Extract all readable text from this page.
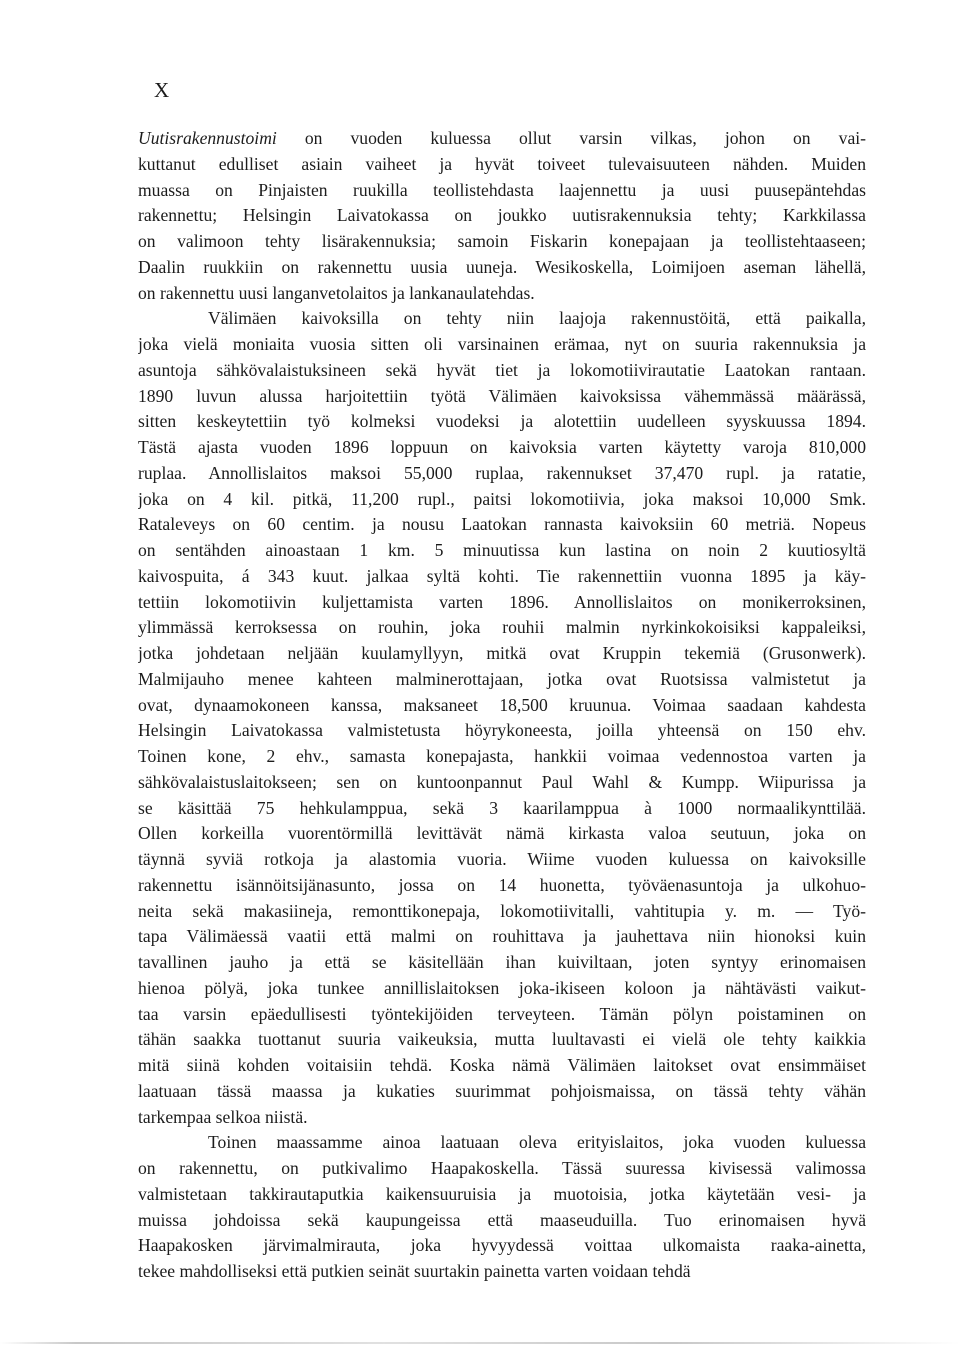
X
Uutisrakennustoimi on vuoden kuluessa ollut varsin vilkas, johon on vai-
kuttanut edulliset asiain vaiheet ja hyvät toiveet tulevaisuuteen nähden. Muiden
muassa on Pinjaisten ruukilla teollistehdasta laajennettu ja uusi puusepäntehdas
rakennettu; Helsingin Laivatokassa on joukko uutisrakennuksia tehty; Karkkilassa
on valimoon tehty lisärakennuksia; samoin Fiskarin konepajaan ja teollistehtaaseen;
Daalin ruukkiin on rakennettu uusia uuneja. Wesikoskella, Loimijoen aseman lähellä,
on rakennettu uusi langanvetolaitos ja lankanaulatehdas.
Välimäen kaivoksilla on tehty niin laajoja rakennustöitä, että paikalla,
joka vielä moniaita vuosia sitten oli varsinainen erämaa, nyt on suuria rakennuksia ja
asuntoja sähkövalaistuksineen sekä hyvät tiet ja lokomotiivirautatie Laatokan rantaan.
1890 luvun alussa harjoitettiin työtä Välimäen kaivoksissa vähemmässä määrässä,
sitten keskeytettiin työ kolmeksi vuodeksi ja alotettiin uudelleen syyskuussa 1894.
Tästä ajasta vuoden 1896 loppuun on kaivoksia varten käytetty varoja 810,000
ruplaa. Annollislaitos maksoi 55,000 ruplaa, rakennukset 37,470 rupl. ja ratatie,
joka on 4 kil. pitkä, 11,200 rupl., paitsi lokomotiivia, joka maksoi 10,000 Smk.
Rataleveys on 60 centim. ja nousu Laatokan rannasta kaivoksiin 60 metriä. Nopeus
on sentähden ainoastaan 1 km. 5 minuutissa kun lastina on noin 2 kuutiosyltä
kaivospuita, á 343 kuut. jalkaa syltä kohti. Tie rakennettiin vuonna 1895 ja käy-
tettiin lokomotiivin kuljettamista varten 1896. Annollislaitos on monikerroksinen,
ylimmässä kerroksessa on rouhin, joka rouhii malmin nyrkinkokoisiksi kappaleiksi,
jotka johdetaan neljään kuulamyllyyn, mitkä ovat Kruppin tekemiä (Grusonwerk).
Malmijauho menee kahteen malminerottajaan, jotka ovat Ruotsissa valmistetut ja
ovat, dynaamokoneen kanssa, maksaneet 18,500 kruunua. Voimaa saadaan kahdesta
Helsingin Laivatokassa valmistetusta höyrykoneesta, joilla yhteensä on 150 ehv.
Toinen kone, 2 ehv., samasta konepajasta, hankkii voimaa vedennostoa varten ja
sähkövalaistuslaitokseen; sen on kuntoonpannut Paul Wahl & Kumpp. Wiipurissa ja
se käsittää 75 hehkulamppua, sekä 3 kaarilamppua à 1000 normaalikynttilää.
Ollen korkeilla vuorentörmillä levittävät nämä kirkasta valoa seutuun, joka on
täynnä syviä rotkoja ja alastomia vuoria. Wiime vuoden kuluessa on kaivoksille
rakennettu isännöitsijänasunto, jossa on 14 huonetta, työväenasuntoja ja ulkohuo-
neita sekä makasiineja, remonttikonepaja, lokomotiivitalli, vahtitupia y. m. — Työ-
tapa Välimäessä vaatii että malmi on rouhittava ja jauhettava niin hionoksi kuin
tavallinen jauho ja että se käsitellään ihan kuiviltaan, joten syntyy erinomaisen
hienoa pölyä, joka tunkee annillislaitoksen joka-ikiseen koloon ja nähtävästi vaikut-
taa varsin epäedullisesti työntekijöiden terveyteen. Tämän pölyn poistaminen on
tähän saakka tuottanut suuria vaikeuksia, mutta luultavasti ei vielä ole tehty kaikkia
mitä siinä kohden voitaisiin tehdä. Koska nämä Välimäen laitokset ovat ensimmäiset
laatuaan tässä maassa ja kukaties suurimmat pohjoismaissa, on tässä tehty vähän
tarkempaa selkoa niistä.
Toinen maassamme ainoa laatuaan oleva erityislaitos, joka vuoden kuluessa
on rakennettu, on putkivalimo Haapakoskella. Tässä suuressa kivisessä valimossa
valmistetaan takkirautaputkia kaikensuuruisia ja muotoisia, jotka käytetään vesi- ja
muissa johdoissa sekä kaupungeissa että maaseuduilla. Tuo erinomaisen hyvä
Haapakosken järvimalmirauta, joka hyvyydessä voittaa ulkomaista raaka-ainetta,
tekee mahdolliseksi että putkien seinät suurtakin painetta varten voidaan tehdä
